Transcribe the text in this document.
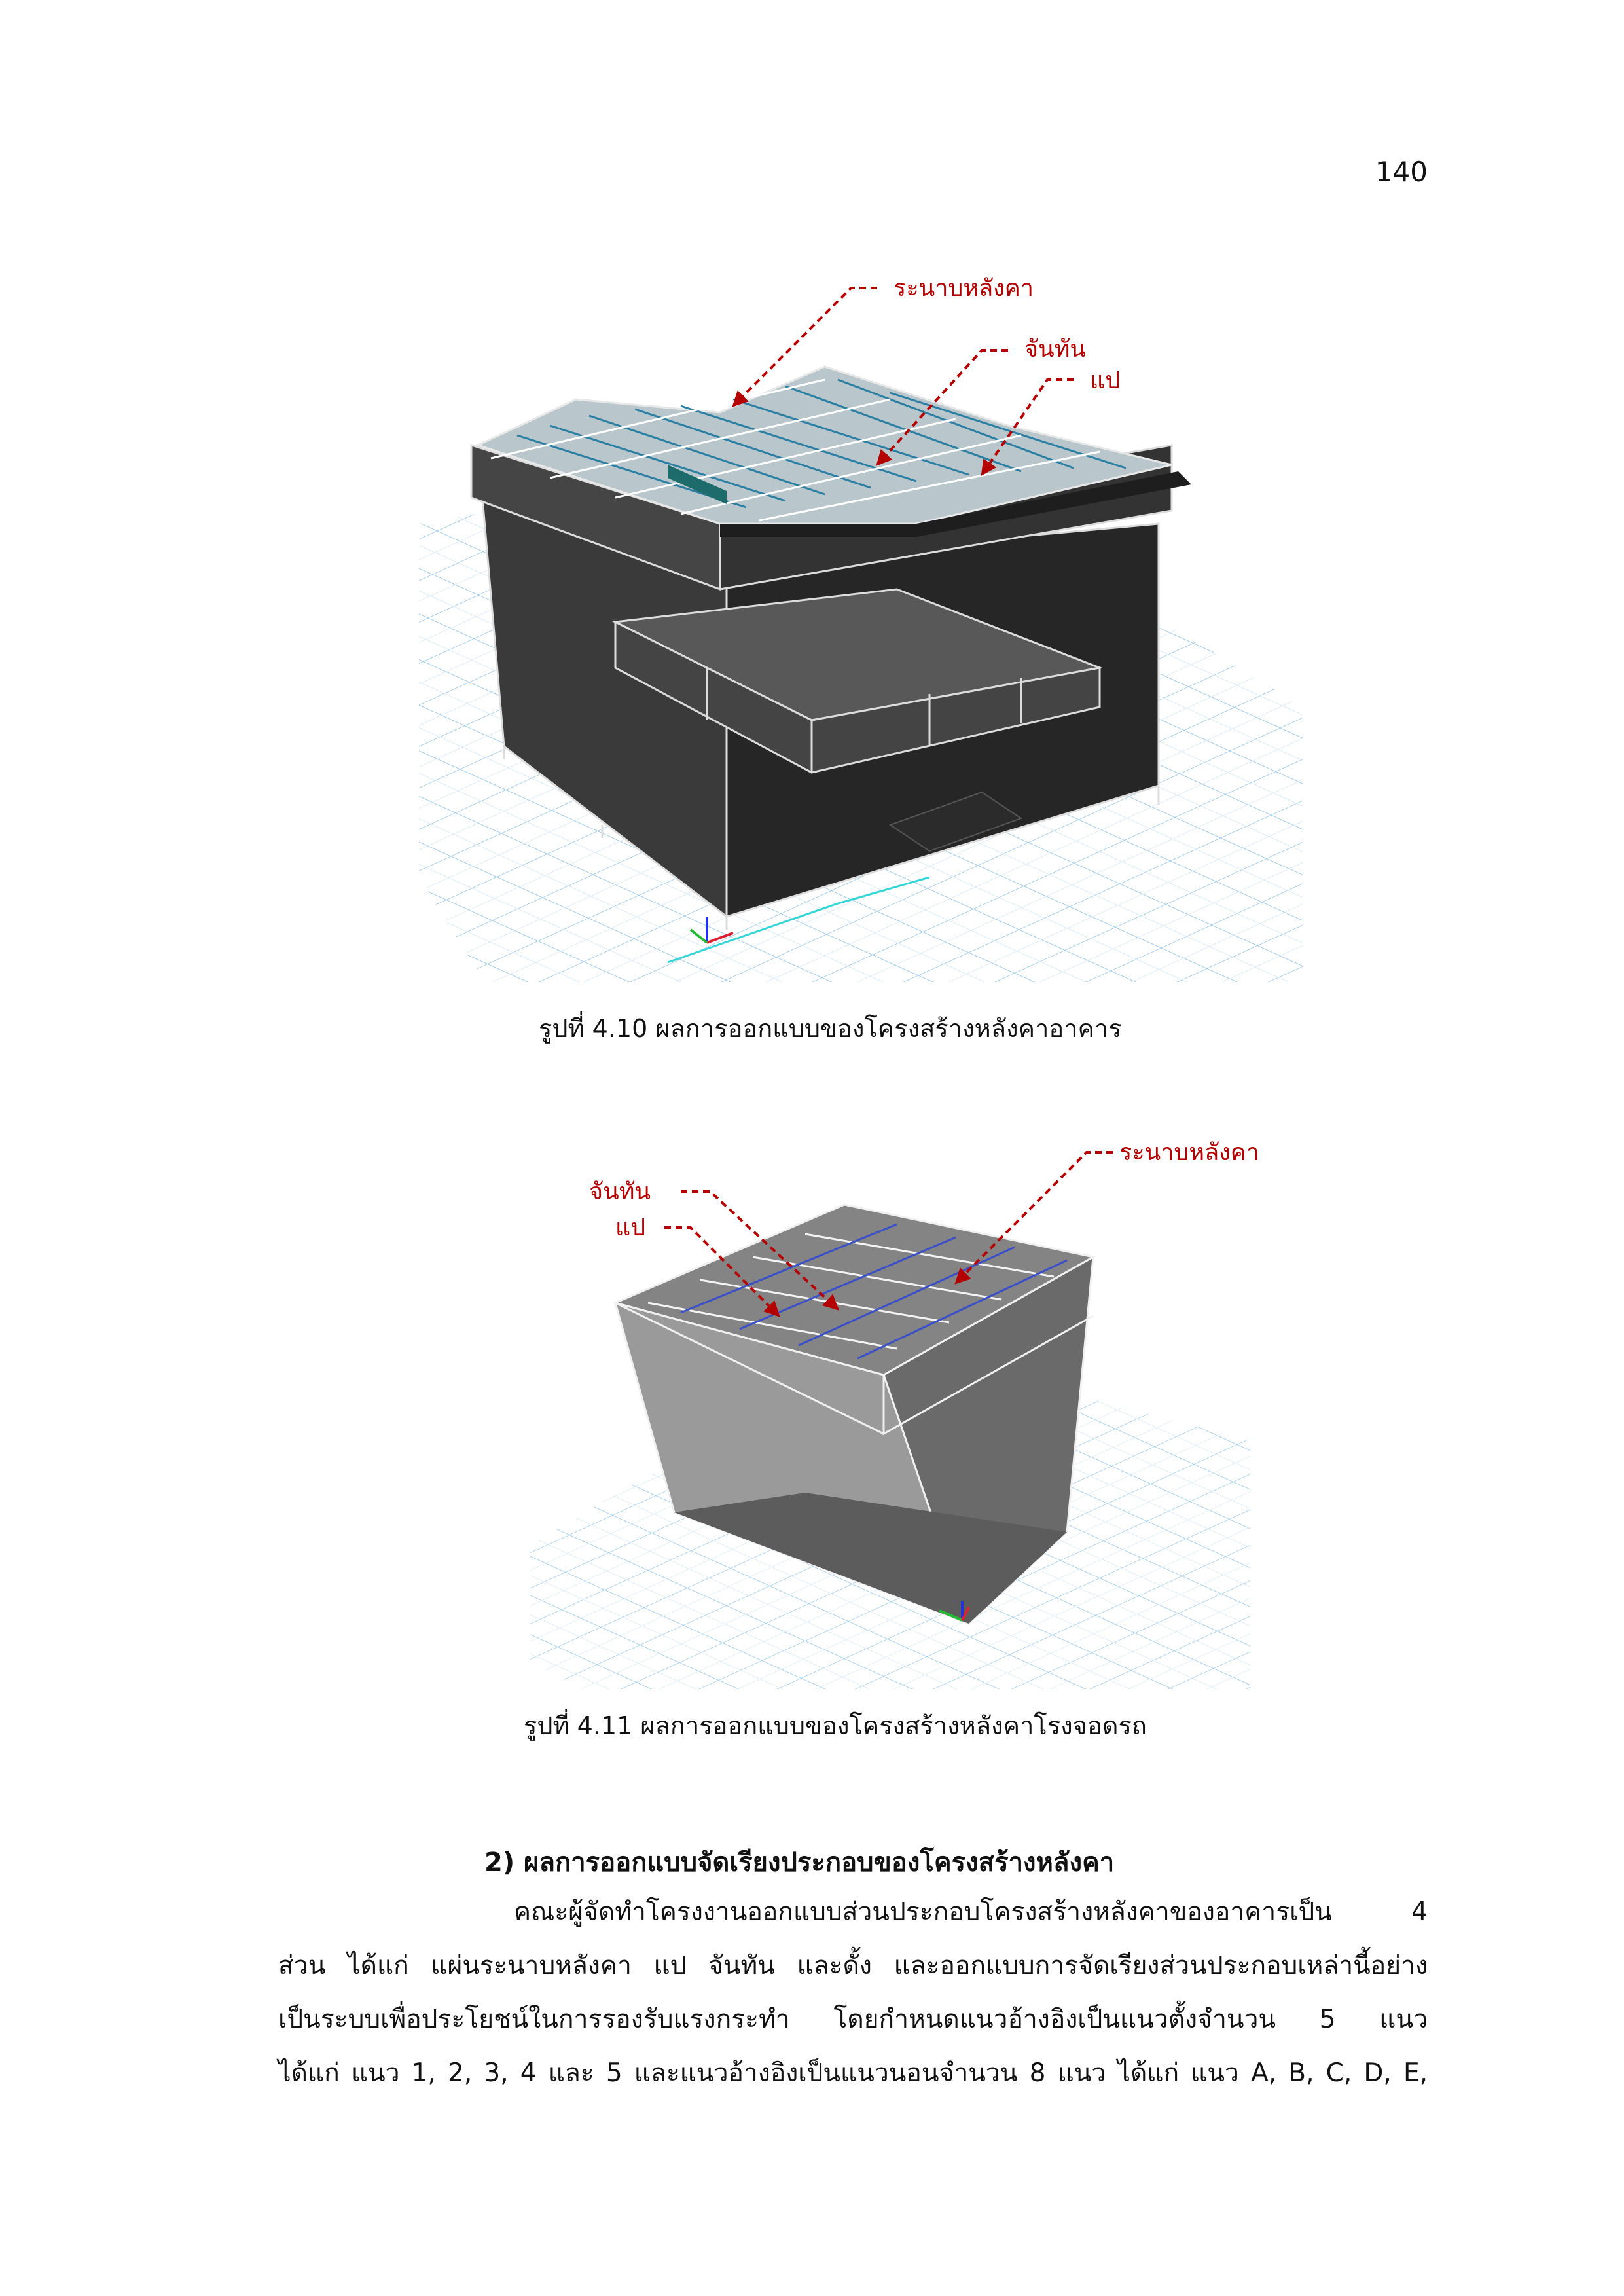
140
ระนาบหลังคา
จันทัน
แป
รูปที่ 4.10 ผลการออกแบบของโครงสร้างหลังคาอาคาร
จันทัน
แป
ระนาบหลังคา
รูปที่ 4.11 ผลการออกแบบของโครงสร้างหลังคาโรงจอดรถ
2) ผลการออกแบบจัดเรียงประกอบของโครงสร้างหลังคา

คณะผู้จัดทำโครงงานออกแบบส่วนประกอบโครงสร้างหลังคาของอาคารเป็น 4
ส่วน ได้แก่ แผ่นระนาบหลังคา แป จันทัน และดั้ง และออกแบบการจัดเรียงส่วนประกอบเหล่านี้อย่าง
เป็นระบบเพื่อประโยชน์ในการรองรับแรงกระทำ โดยกำหนดแนวอ้างอิงเป็นแนวตั้งจำนวน 5 แนว
ได้แก่ แนว 1, 2, 3, 4 และ 5 และแนวอ้างอิงเป็นแนวนอนจำนวน 8 แนว ได้แก่ แนว A, B, C, D, E,
